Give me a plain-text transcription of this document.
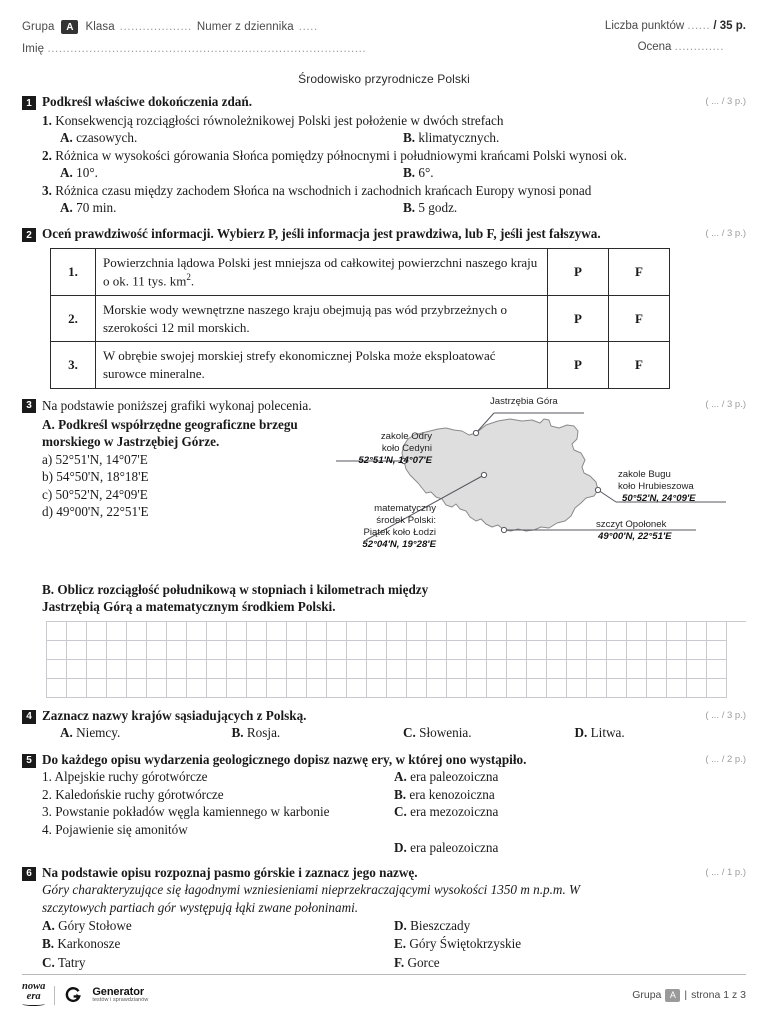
Grupa	A	Klasa ................... Numer z dziennika .....
Imię ....................................................................................
Liczba punktów ...... / 35 p.
Ocena .............
Środowisko przyrodnicze Polski
1 Podkreśl właściwe dokończenia zdań.	( ... / 3 p.)
1. Konsekwencją rozciągłości równoleżnikowej Polski jest położenie w dwóch strefach
A. czasowych.	B. klimatycznych.
2. Różnica w wysokości górowania Słońca pomiędzy północnymi i południowymi krańcami Polski wynosi ok.
A. 10°.	B. 6°.
3. Różnica czasu między zachodem Słońca na wschodnich i zachodnich krańcach Europy wynosi ponad
A. 70 min.	B. 5 godz.
2 Oceń prawdziwość informacji. Wybierz P, jeśli informacja jest prawdziwa, lub F, jeśli jest fałszywa.	( ... / 3 p.)
1.	Powierzchnia lądowa Polski jest mniejsza od całkowitej powierzchni naszego kraju o ok. 11 tys. $km^2$.	P	F
2.	Morskie wody wewnętrzne naszego kraju obejmują pas wód przybrzeżnych o szerokości 12 mil morskich.	P	F
3.	W obrębie swojej morskiej strefy ekonomicznej Polska może eksploatować surowce mineralne.	P	F
3	( ... / 3 p.)
Na podstawie poniższej grafiki wykonaj polecenia.
A. Podkreśl współrzędne geograficzne brzegu morskiego w Jastrzębiej Górze.
a) 52°51'N, 14°07'E
b) 54°50'N, 18°18'E
c) 50°52'N, 24°09'E
d) 49°00'N, 22°51'E
Jastrzębia Góra
zakole Odry
koło Cedyni
52°51'N, 14°07'E
zakole Bugu
koło Hrubieszowa
50°52'N, 24°09'E
matematyczny
środek Polski:
Piątek koło Łodzi
52°04'N, 19°28'E
szczyt Opołonek
49°00'N, 22°51'E
B. Oblicz rozciągłość południkową w stopniach i kilometrach między
Jastrzębią Górą a matematycznym środkiem Polski.
4 Zaznacz nazwy krajów sąsiadujących z Polską.	( ... / 3 p.)
A. Niemcy.	B. Rosja.	C. Słowenia.	D. Litwa.
5 Do każdego opisu wydarzenia geologicznego dopisz nazwę ery, w której ono wystąpiło.	( ... / 2 p.)
1. Alpejskie ruchy górotwórcze
2. Kaledońskie ruchy górotwórcze
3. Powstanie pokładów węgla kamiennego w karbonie
4. Pojawienie się amonitów
A. era paleozoiczna
B. era kenozoiczna
C. era mezozoiczna
D. era paleozoiczna
6 Na podstawie opisu rozpoznaj pasmo górskie i zaznacz jego nazwę.	( ... / 1 p.)
Góry charakteryzujące się łagodnymi wzniesieniami nieprzekraczającymi wysokości 1350 m n.p.m. W
szczytowych partiach gór występują łąki zwane połoninami.
A. Góry Stołowe
B. Karkonosze
C. Tatry
D. Bieszczady
E. Góry Świętokrzyskie
F. Gorce
nowa
era	Generator
testów i sprawdzianów	Grupa A | strona 1 z 3
